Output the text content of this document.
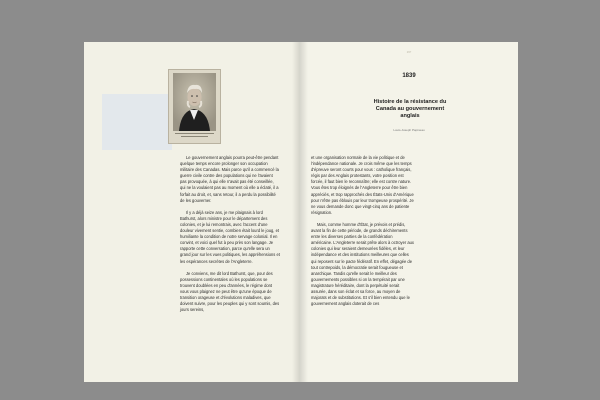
297
1839
Histoire de la résistance du
Canada au gouvernement
anglais
Louis-Joseph Papineau

Le gouvernement anglais pourra peut-être pendant quelque temps encore prolonger son occupation militaire des Canadas. Mais parce qu'il a commencé la guerre civile contre des populations qui ne l'avaient pas provoquée, à qui elle n'avait pas été conseillée, qui ne la voulaient pas au moment où elle a éclaté, il a forfait au droit, et, sans retour, il a perdu la possibilité de les gouverner.

Il y a déjà seize ans, je me plaignais à lord Bathurst, alors ministre pour le département des colonies, et je lui remontrais, avec l'accent d'une douleur vivement sentie, combien était lourd le joug, et humiliante la condition de notre servage colonial. Il en convint, et voici quel fut à peu près son langage. Je rapporte cette conversation, parce qu'elle sera un grand jour sur les vues politiques, les appréhensions et les espérances secrètes de l'Angleterre.

Je conviens, me dit lord Bathurst, que, pour des possessions continentales où les populations se trouvent doublées en peu d'années, le régime dont vous vous plaignez ne peut être qu'une époque de transition orageuse et d'évolutions maladives, que doivent suivre, pour les peuples qui y sont soumis, des jours sereins,

et une organisation normale de la vie politique et de l'indépendance nationale. Je crois même que les temps d'épreuve seront courts pour vous : catholique français, régis par des Anglais protestants, votre position est forcée, il faut bien le reconnaître; elle est contre nature. Vous êtes trop éloignés de l'Angleterre pour être bien appréciés, et trop rapprochés des États-Unis d'Amérique pour n'être pas éblouis par leur trompeuse prospérité. Je ne vous demande donc que vingt-cinq ans de patiente résignation.

Mais, comme homme d'État, je prévois et prédis, avant la fin de cette période, de grands déchirements entre les diverses parties de la confédération américaine. L'Angleterre serait prête alors à octroyer aux colonies qui leur seraient demeurées fidèles, et leur indépendance et des institutions meilleures que celles qui reposent sur le pacte fédératif. En effet, dégagée de tout contrepoids, la démocratie serait fougueuse et anarchique. Tandis qu'elle serait le meilleur des gouvernements possibles si on la tempérait par une magistrature héréditaire, dont la perpétuité serait assurée, dans son éclat et sa force, au moyen de majorats et de substitutions. Et s'il bien entendu que le gouvernement anglais doterait de ces
